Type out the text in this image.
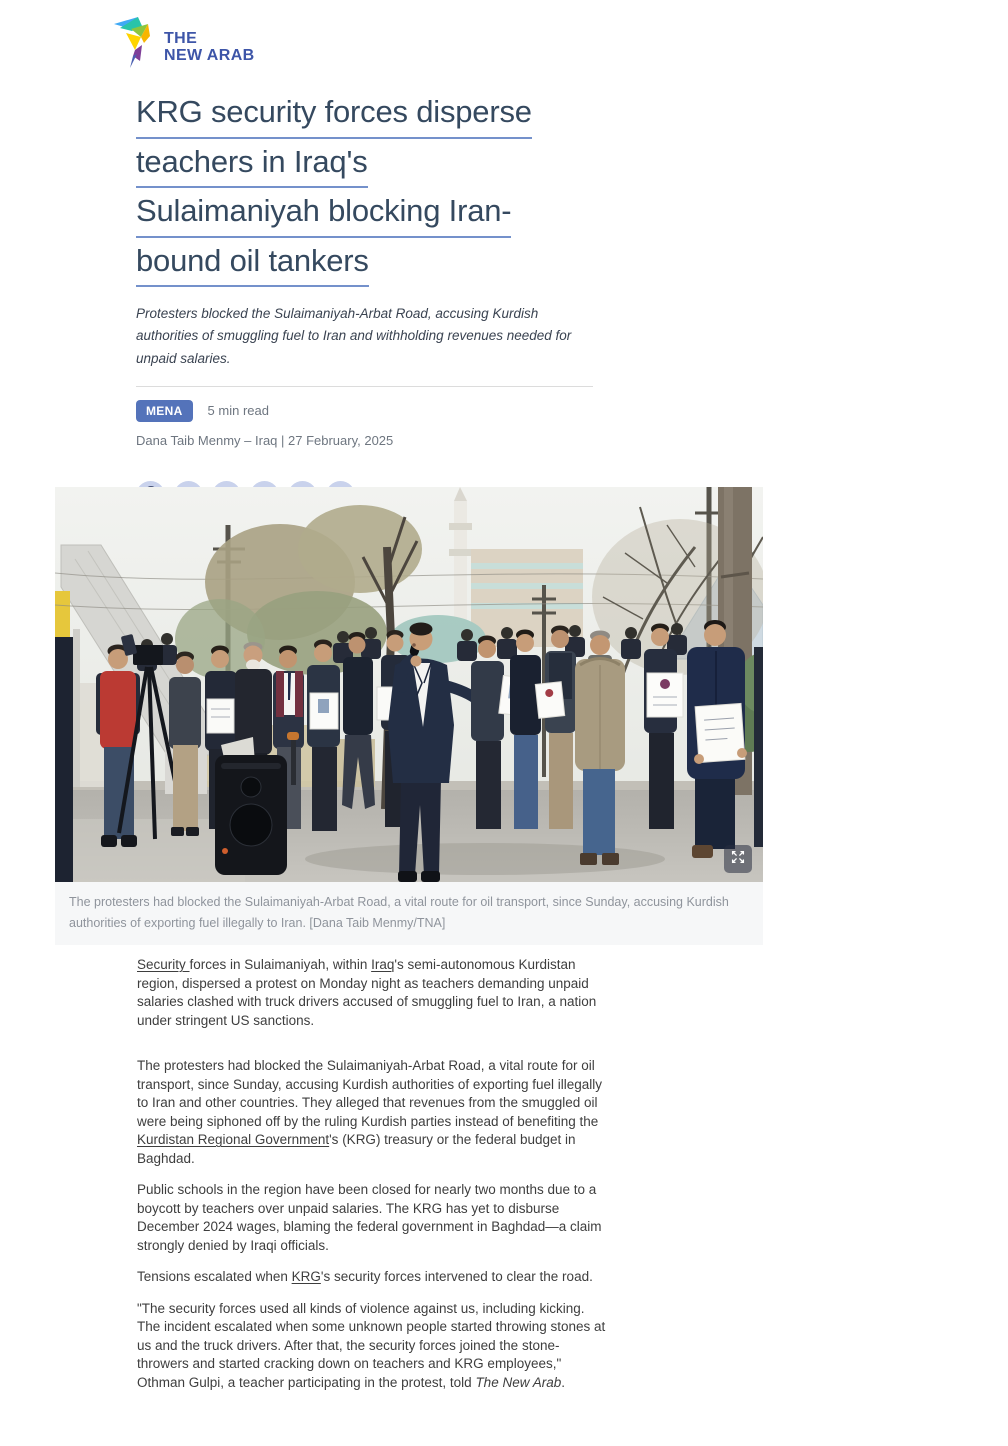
THE
NEW ARAB
KRG security forces disperse
teachers in Iraq's
Sulaimaniyah blocking Iran-
bound oil tankers

Protesters blocked the Sulaimaniyah-Arbat Road, accusing Kurdish authorities of smuggling fuel to Iran and withholding revenues needed for unpaid salaries.

MENA	5 min read
Dana Taib Menmy – Iraq | 27 February, 2025
The protesters had blocked the Sulaimaniyah-Arbat Road, a vital route for oil transport, since Sunday, accusing Kurdish authorities of exporting fuel illegally to Iran. [Dana Taib Menmy/TNA]

Security forces in Sulaimaniyah, within Iraq's semi-autonomous Kurdistan region, dispersed a protest on Monday night as teachers demanding unpaid salaries clashed with truck drivers accused of smuggling fuel to Iran, a nation under stringent US sanctions.

The protesters had blocked the Sulaimaniyah-Arbat Road, a vital route for oil transport, since Sunday, accusing Kurdish authorities of exporting fuel illegally to Iran and other countries. They alleged that revenues from the smuggled oil were being siphoned off by the ruling Kurdish parties instead of benefiting the Kurdistan Regional Government's (KRG) treasury or the federal budget in Baghdad.

Public schools in the region have been closed for nearly two months due to a boycott by teachers over unpaid salaries. The KRG has yet to disburse December 2024 wages, blaming the federal government in Baghdad—a claim strongly denied by Iraqi officials.

Tensions escalated when KRG's security forces intervened to clear the road.

"The security forces used all kinds of violence against us, including kicking. The incident escalated when some unknown people started throwing stones at us and the truck drivers. After that, the security forces joined the stone-throwers and started cracking down on teachers and KRG employees," Othman Gulpi, a teacher participating in the protest, told The New Arab.
